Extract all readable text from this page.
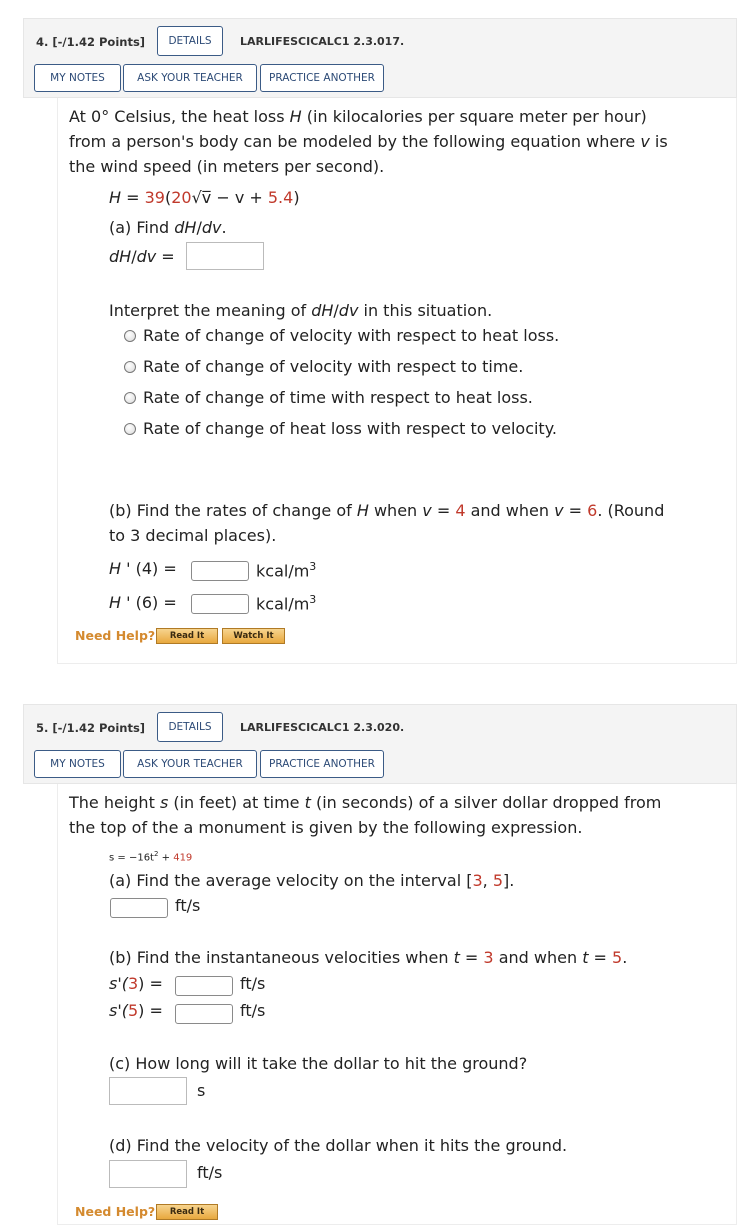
4. [-/1.42 Points]	DETAILS	LARLIFESCICALC1 2.3.017.
MY NOTES	ASK YOUR TEACHER	PRACTICE ANOTHER
At 0° Celsius, the heat loss H (in kilocalories per square meter per hour)
from a person's body can be modeled by the following equation where v is
the wind speed (in meters per second).
H = 39(20√v̅ − v + 5.4)
(a) Find dH/dv.
dH/dv =
Interpret the meaning of dH/dv in this situation.
Rate of change of velocity with respect to heat loss.
Rate of change of velocity with respect to time.
Rate of change of time with respect to heat loss.
Rate of change of heat loss with respect to velocity.
(b) Find the rates of change of H when v = 4 and when v = 6. (Round
to 3 decimal places).
H ' (4) =	kcal/$m^3$
H ' (6) =	kcal/$m^3$
Need Help?	Read It	Watch It
5. [-/1.42 Points]	DETAILS	LARLIFESCICALC1 2.3.020.
MY NOTES	ASK YOUR TEACHER	PRACTICE ANOTHER
The height s (in feet) at time t (in seconds) of a silver dollar dropped from
the top of the a monument is given by the following expression.
$s = -16t^2 + 419$
(a) Find the average velocity on the interval [3, 5].
ft/s
(b) Find the instantaneous velocities when t = 3 and when t = 5.
s'(3) =	ft/s
s'(5) =	ft/s
(c) How long will it take the dollar to hit the ground?
s
(d) Find the velocity of the dollar when it hits the ground.
ft/s
Need Help?	Read It
